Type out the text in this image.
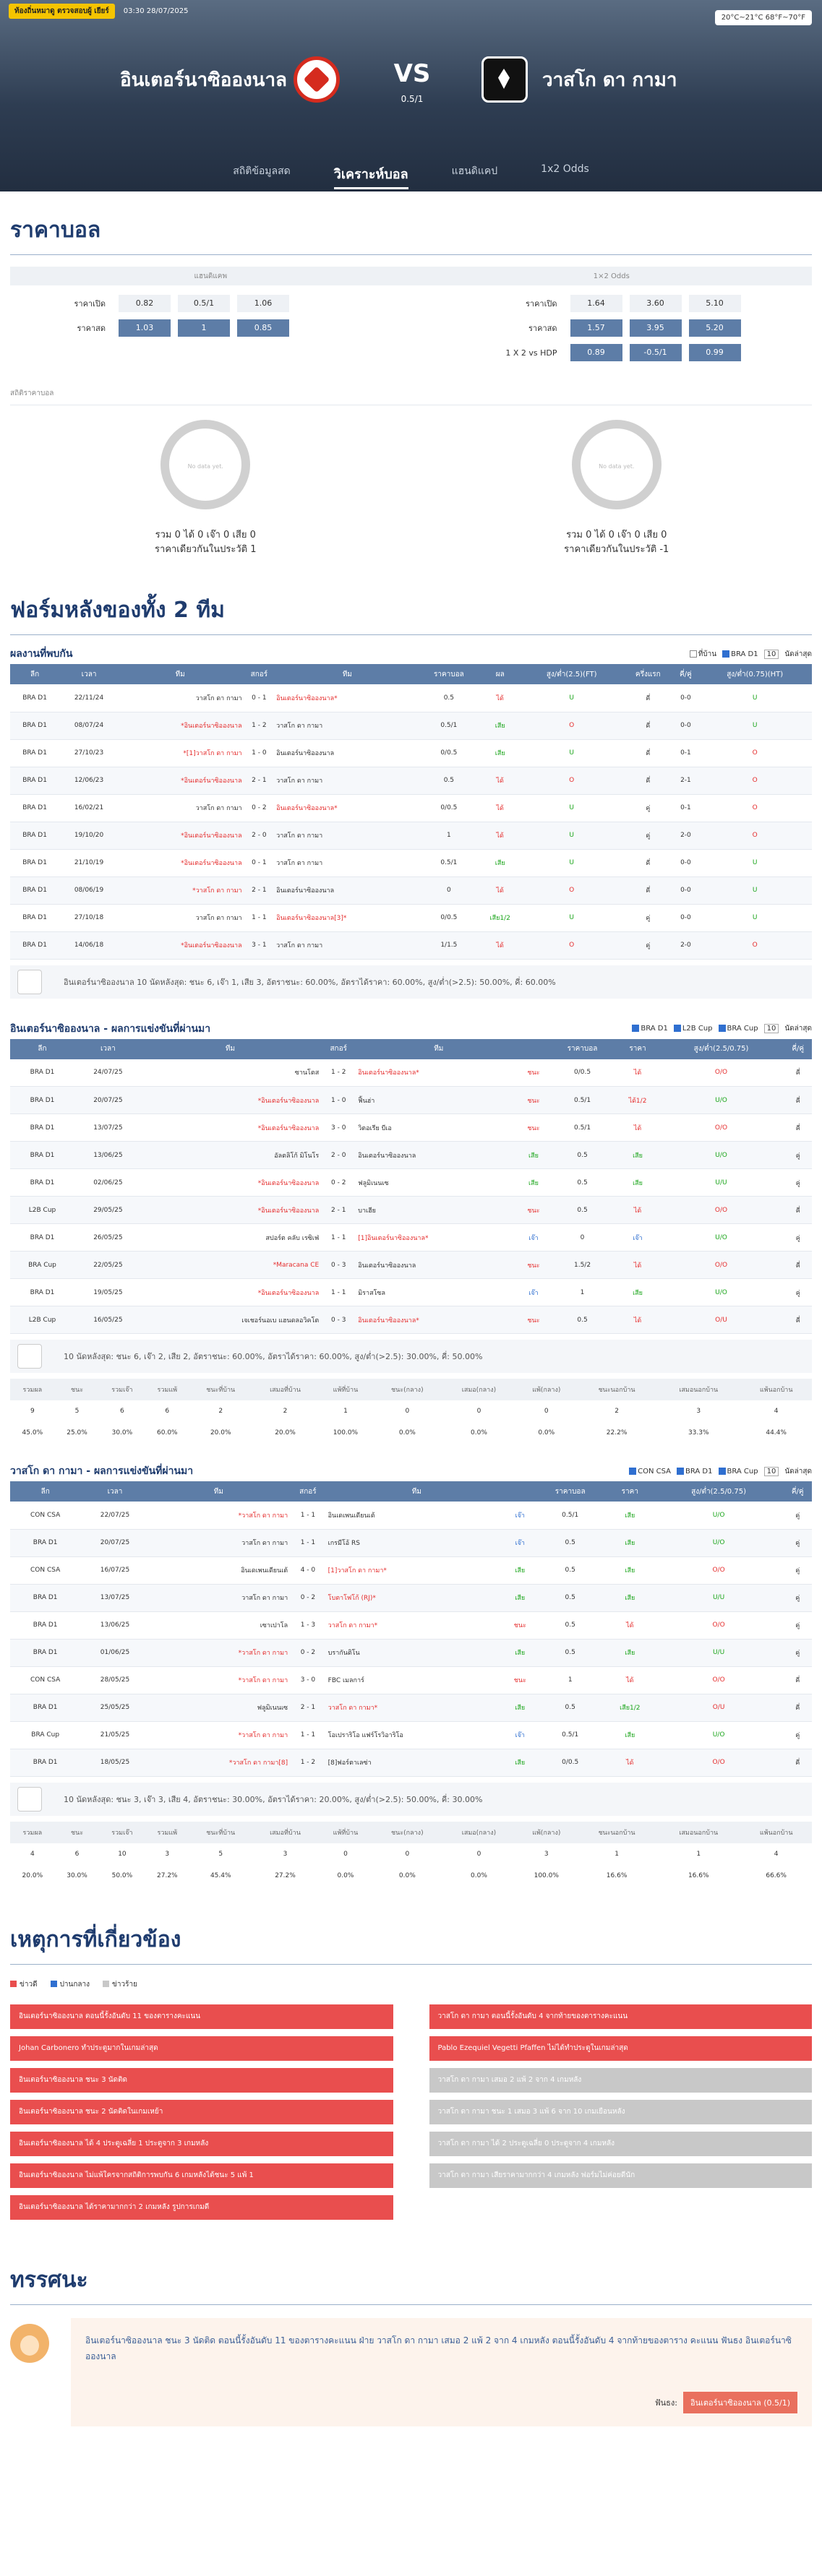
ท้องถิ่นหมาดู ตรวจสอบผู้ เยียร์	03:30 28/07/2025
20°C~21°C 68°F~70°F
อินเตอร์นาซิอองนาล	VS
0.5/1
วาสโก ดา กามา
สถิติข้อมูลสด	วิเคราะห์บอล	แฮนดิแคป	1x2 Odds
ราคาบอล
แฮนดิแคพ	1×2 Odds
ราคาเปิด	0.82	0.5/1	1.06
ราคาสด	1.03	1	0.85
ราคาเปิด	1.64	3.60	5.10
ราคาสด	1.57	3.95	5.20
1 X 2 vs HDP	0.89	-0.5/1	0.99
สถิติราคาบอล
No data yet.
รวม 0 ได้ 0 เจ๊า 0 เสีย 0
ราคาเดียวกันในประวัติ 1
No data yet.
รวม 0 ได้ 0 เจ๊า 0 เสีย 0
ราคาเดียวกันในประวัติ -1
ฟอร์มหลังของทั้ง 2 ทีม
ผลงานที่พบกัน	ที่บ้าน	BRA D1	10	นัดล่าสุด
ลีก	เวลา	ทีม	สกอร์	ทีม	ราคาบอล	ผล	สูง/ต่ำ(2.5)(FT)	ครึ่งแรก	คี่/คู่	สูง/ต่ำ(0.75)(HT)
BRA D1	22/11/24	วาสโก ดา กามา	0 - 1	อินเตอร์นาซิอองนาล*	0.5	ได้	U	คี่	0-0	U
BRA D1	08/07/24	*อินเตอร์นาซิอองนาล	1 - 2	วาสโก ดา กามา	0.5/1	เสีย	O	คี่	0-0	U
BRA D1	27/10/23	*[1]วาสโก ดา กามา	1 - 0	อินเตอร์นาซิอองนาล	0/0.5	เสีย	U	คี่	0-1	O
BRA D1	12/06/23	*อินเตอร์นาซิอองนาล	2 - 1	วาสโก ดา กามา	0.5	ได้	O	คี่	2-1	O
BRA D1	16/02/21	วาสโก ดา กามา	0 - 2	อินเตอร์นาซิอองนาล*	0/0.5	ได้	U	คู่	0-1	O
BRA D1	19/10/20	*อินเตอร์นาซิอองนาล	2 - 0	วาสโก ดา กามา	1	ได้	U	คู่	2-0	O
BRA D1	21/10/19	*อินเตอร์นาซิอองนาล	0 - 1	วาสโก ดา กามา	0.5/1	เสีย	U	คี่	0-0	U
BRA D1	08/06/19	*วาสโก ดา กามา	2 - 1	อินเตอร์นาซิอองนาล	0	ได้	O	คี่	0-0	U
BRA D1	27/10/18	วาสโก ดา กามา	1 - 1	อินเตอร์นาซิอองนาล[3]*	0/0.5	เสีย1/2	U	คู่	0-0	U
BRA D1	14/06/18	*อินเตอร์นาซิอองนาล	3 - 1	วาสโก ดา กามา	1/1.5	ได้	O	คู่	2-0	O
อินเตอร์นาซิอองนาล 10 นัดหลังสุด: ชนะ 6, เจ๊า 1, เสีย 3, อัตราชนะ: 60.00%, อัตราได้ราคา: 60.00%, สูง/ต่ำ(>2.5): 50.00%, คี่: 60.00%
อินเตอร์นาซิอองนาล - ผลการแข่งขันที่ผ่านมา	BRA D1	L2B Cup	BRA Cup	10	นัดล่าสุด
ลีก	เวลา	ทีม	สกอร์	ทีม		ราคาบอล	ราคา	สูง/ต่ำ(2.5/0.75)	คี่/คู่
BRA D1	24/07/25	ซานโตส	1 - 2	อินเตอร์นาซิอองนาล*	ชนะ	0/0.5	ได้	O/O	คี่
BRA D1	20/07/25	*อินเตอร์นาซิอองนาล	1 - 0	ฟิ้นฮ่า	ชนะ	0.5/1	ได้1/2	U/O	คี่
BRA D1	13/07/25	*อินเตอร์นาซิอองนาล	3 - 0	วิตอเรีย บีเอ	ชนะ	0.5/1	ได้	O/O	คี่
BRA D1	13/06/25	อัลตลิโก้ มิโนโร	2 - 0	อินเตอร์นาซิอองนาล	เสีย	0.5	เสีย	U/O	คู่
BRA D1	02/06/25	*อินเตอร์นาซิอองนาล	0 - 2	ฟลูมิเนนเซ	เสีย	0.5	เสีย	U/U	คู่
L2B Cup	29/05/25	*อินเตอร์นาซิอองนาล	2 - 1	บาเฮีย	ชนะ	0.5	ได้	O/O	คี่
BRA D1	26/05/25	สปอร์ต คลับ เรซิเฟ่	1 - 1	[1]อินเตอร์นาซิอองนาล*	เจ๊า	0	เจ๊า	U/O	คู่
BRA Cup	22/05/25	*Maracana CE	0 - 3	อินเตอร์นาซิอองนาล	ชนะ	1.5/2	ได้	O/O	คี่
BRA D1	19/05/25	*อินเตอร์นาซิอองนาล	1 - 1	มิราสโซล	เจ๊า	1	เสีย	U/O	คู่
L2B Cup	16/05/25	เจเชอร์นอเบ แฮนดลอวิคโต	0 - 3	อินเตอร์นาซิอองนาล*	ชนะ	0.5	ได้	O/U	คี่
10 นัดหลังสุด: ชนะ 6, เจ๊า 2, เสีย 2, อัตราชนะ: 60.00%, อัตราได้ราคา: 60.00%, สูง/ต่ำ(>2.5): 30.00%, คี่: 50.00%
รวมผล	ชนะ	รวมเจ๊า	รวมแพ้	ชนะที่บ้าน	เสมอที่บ้าน	แพ้ที่บ้าน	ชนะ(กลาง)	เสมอ(กลาง)	แพ้(กลาง)	ชนะนอกบ้าน	เสมอนอกบ้าน	แพ้นอกบ้าน
9	5	6	6	2	2	1	0	0	0	2	3	4
45.0%	25.0%	30.0%	60.0%	20.0%	20.0%	100.0%	0.0%	0.0%	0.0%	22.2%	33.3%	44.4%
วาสโก ดา กามา - ผลการแข่งขันที่ผ่านมา	CON CSA	BRA D1	BRA Cup	10	นัดล่าสุด
ลีก	เวลา	ทีม	สกอร์	ทีม		ราคาบอล	ราคา	สูง/ต่ำ(2.5/0.75)	คี่/คู่
CON CSA	22/07/25	*วาสโก ดา กามา	1 - 1	อินเดเพนเดียนเต้	เจ๊า	0.5/1	เสีย	U/O	คู่
BRA D1	20/07/25	วาสโก ดา กามา	1 - 1	เกรมีโอ้ RS	เจ๊า	0.5	เสีย	U/O	คู่
CON CSA	16/07/25	อินเดเพนเดียนเต้	4 - 0	[1]วาสโก ดา กามา*	เสีย	0.5	เสีย	O/O	คู่
BRA D1	13/07/25	วาสโก ดา กามา	0 - 2	โบตาโฟโก้ (RJ)*	เสีย	0.5	เสีย	U/U	คู่
BRA D1	13/06/25	เซาเปาโล	1 - 3	วาสโก ดา กามา*	ชนะ	0.5	ได้	O/O	คู่
BRA D1	01/06/25	*วาสโก ดา กามา	0 - 2	บรากันติโน	เสีย	0.5	เสีย	U/U	คู่
CON CSA	28/05/25	*วาสโก ดา กามา	3 - 0	FBC เมลการ์	ชนะ	1	ได้	O/O	คี่
BRA D1	25/05/25	ฟลูมิเนนเซ	2 - 1	วาสโก ดา กามา*	เสีย	0.5	เสีย1/2	O/U	คี่
BRA Cup	21/05/25	*วาสโก ดา กามา	1 - 1	โอเปราริโอ แฟร์โรวิอาริโอ	เจ๊า	0.5/1	เสีย	U/O	คู่
BRA D1	18/05/25	*วาสโก ดา กามา[8]	1 - 2	[8]ฟอร์ตาเลซ่า	เสีย	0/0.5	ได้	O/O	คี่
10 นัดหลังสุด: ชนะ 3, เจ๊า 3, เสีย 4, อัตราชนะ: 30.00%, อัตราได้ราคา: 20.00%, สูง/ต่ำ(>2.5): 50.00%, คี่: 30.00%
รวมผล	ชนะ	รวมเจ๊า	รวมแพ้	ชนะที่บ้าน	เสมอที่บ้าน	แพ้ที่บ้าน	ชนะ(กลาง)	เสมอ(กลาง)	แพ้(กลาง)	ชนะนอกบ้าน	เสมอนอกบ้าน	แพ้นอกบ้าน
4	6	10	3	5	3	0	0	0	3	1	1	4
20.0%	30.0%	50.0%	27.2%	45.4%	27.2%	0.0%	0.0%	0.0%	100.0%	16.6%	16.6%	66.6%
เหตุการที่เกี่ยวข้อง
ข่าวดี	ปานกลาง	ข่าวร้าย
อินเตอร์นาซิอองนาล ตอนนี้รั้งอันดับ 11 ของตารางคะแนน
Johan Carbonero ทำประตูมากในเกมล่าสุด
อินเตอร์นาซิอองนาล ชนะ 3 นัดติด
อินเตอร์นาซิอองนาล ชนะ 2 นัดติดในเกมเหย้า
อินเตอร์นาซิอองนาล ได้ 4 ประตูเฉลี่ย 1 ประตูจาก 3 เกมหลัง
อินเตอร์นาซิอองนาล ไม่แพ้ใครจากสถิติการพบกัน 6 เกมหลังได้ชนะ 5 แพ้ 1
อินเตอร์นาซิอองนาล ได้ราคามากกว่า 2 เกมหลัง รูปการเกมดี
วาสโก ดา กามา ตอนนี้รั้งอันดับ 4 จากท้ายของตารางคะแนน
Pablo Ezequiel Vegetti Pfaffen ไม่ได้ทำประตูในเกมล่าสุด
วาสโก ดา กามา เสมอ 2 แพ้ 2 จาก 4 เกมหลัง
วาสโก ดา กามา ชนะ 1 เสมอ 3 แพ้ 6 จาก 10 เกมเยือนหลัง
วาสโก ดา กามา ได้ 2 ประตูเฉลี่ย 0 ประตูจาก 4 เกมหลัง
วาสโก ดา กามา เสียราคามากกว่า 4 เกมหลัง ฟอร์มไม่ค่อยดีนัก
ทรรศนะ
อินเตอร์นาซิอองนาล ชนะ 3 นัดติด ตอนนี้รั้งอันดับ 11 ของตารางคะแนน ฝ่าย วาสโก ดา กามา เสมอ 2 แพ้ 2 จาก 4 เกมหลัง ตอนนี้รั้งอันดับ 4 จากท้ายของตาราง คะแนน ฟันธง อินเตอร์นาซิอองนาล
ฟันธง:	อินเตอร์นาซิอองนาล (0.5/1)
